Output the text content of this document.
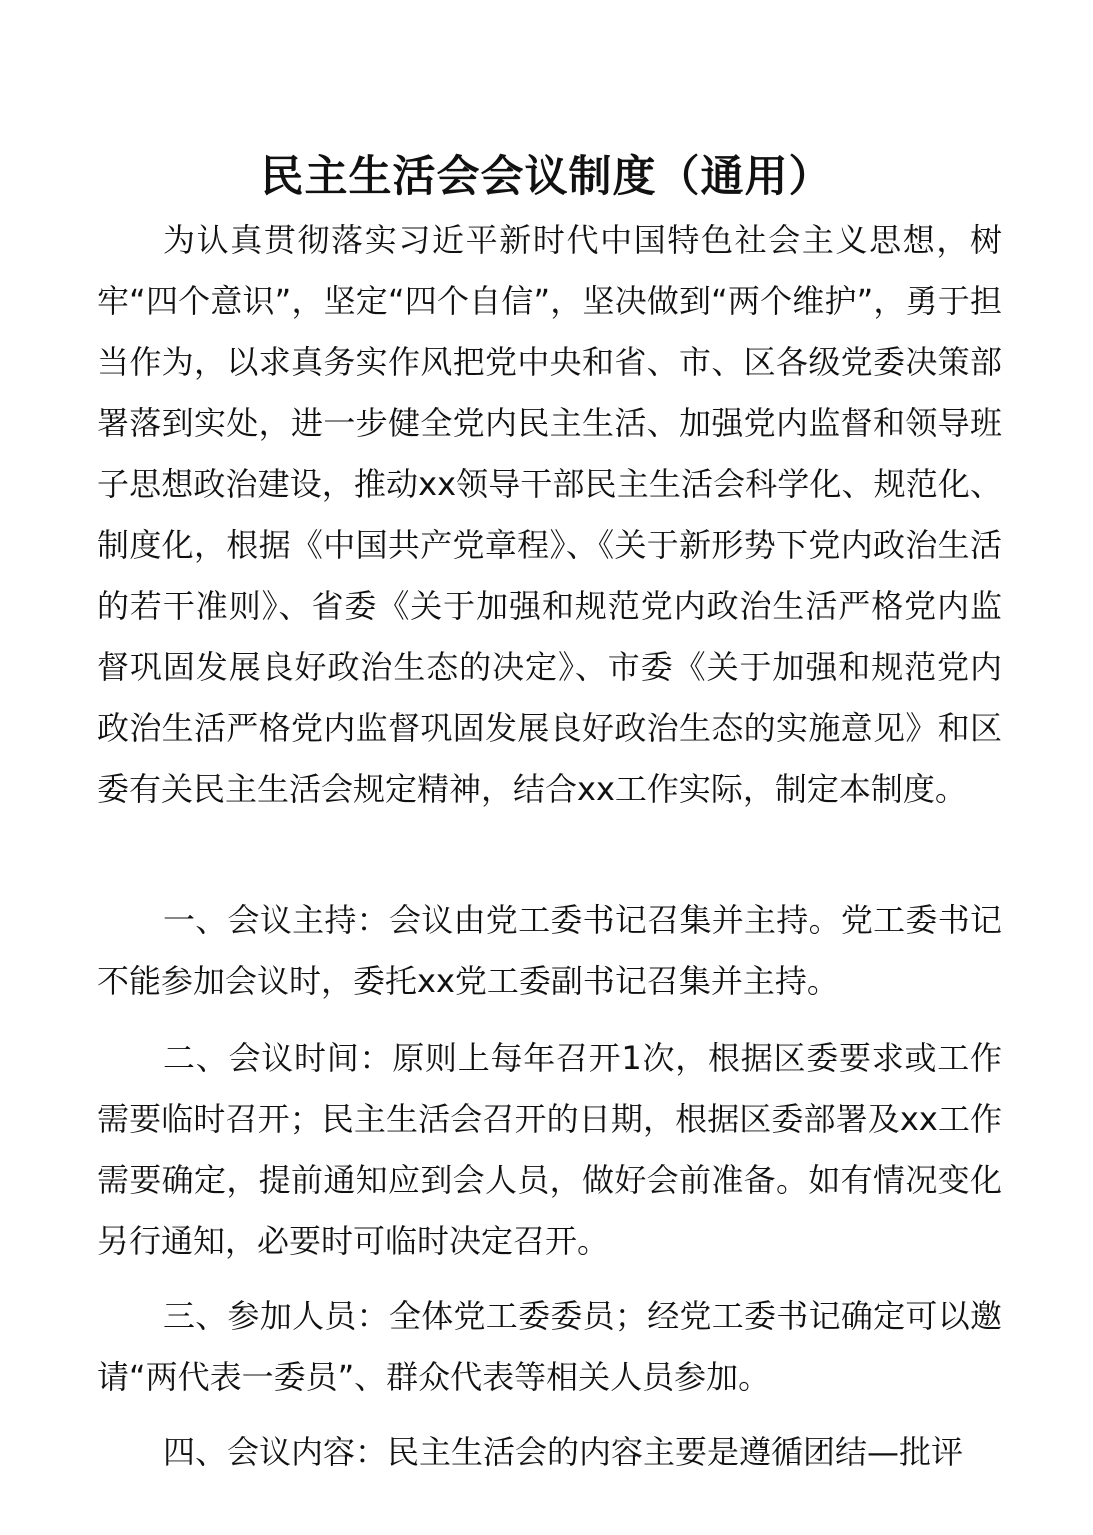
民主生活会会议制度（通用）

为认真贯彻落实习近平新时代中国特色社会主义思想，树牢“四个意识”，坚定“四个自信”，坚决做到“两个维护”，勇于担当作为，以求真务实作风把党中央和省、市、区各级党委决策部署落到实处，进一步健全党内民主生活、加强党内监督和领导班子思想政治建设，推动xx领导干部民主生活会科学化、规范化、制度化，根据《中国共产党章程》、《关于新形势下党内政治生活的若干准则》、省委《关于加强和规范党内政治生活严格党内监督巩固发展良好政治生态的决定》、市委《关于加强和规范党内政治生活严格党内监督巩固发展良好政治生态的实施意见》和区委有关民主生活会规定精神，结合xx工作实际，制定本制度。

一、会议主持：会议由党工委书记召集并主持。党工委书记不能参加会议时，委托xx党工委副书记召集并主持。

二、会议时间：原则上每年召开1次，根据区委要求或工作需要临时召开；民主生活会召开的日期，根据区委部署及xx工作需要确定，提前通知应到会人员，做好会前准备。如有情况变化另行通知，必要时可临时决定召开。

三、参加人员：全体党工委委员；经党工委书记确定可以邀请“两代表一委员”、群众代表等相关人员参加。

四、会议内容：民主生活会的内容主要是遵循团结—批评
